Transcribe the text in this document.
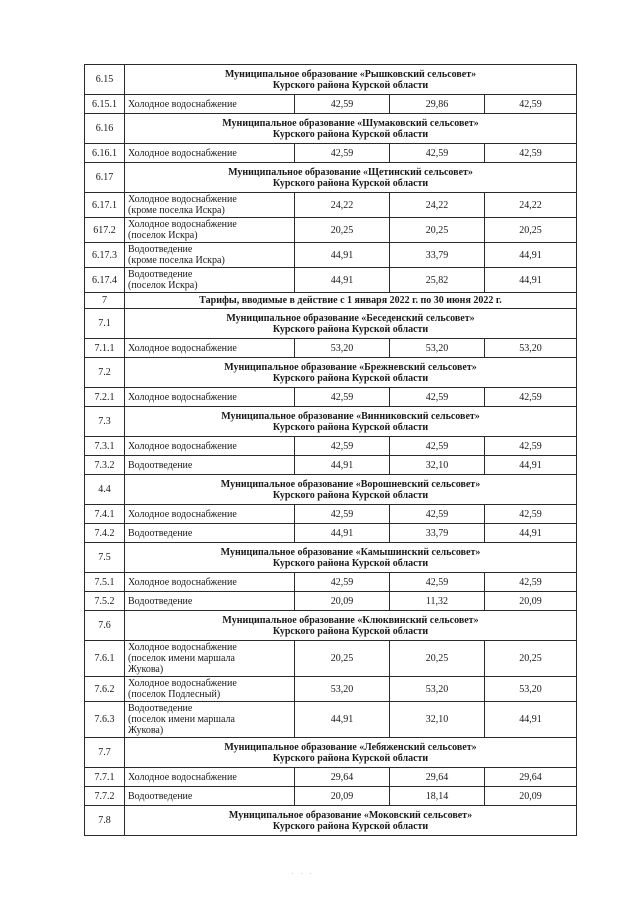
6.15	Муниципальное образование «Рышковский сельсовет»
Курского района Курской области			

6.15.1	Холодное водоснабжение	42,59	29,86	42,59
6.16	Муниципальное образование «Шумаковский сельсовет»
Курского района Курской области			

6.16.1	Холодное водоснабжение	42,59	42,59	42,59
6.17	Муниципальное образование «Щетинский сельсовет»
Курского района Курской области			

6.17.1	Холодное водоснабжение
(кроме поселка Искра)	24,22	24,22	24,22
617.2	Холодное водоснабжение
(поселок Искра)	20,25	20,25	20,25
6.17.3	Водоотведение
(кроме поселка Искра)	44,91	33,79	44,91
6.17.4	Водоотведение
(поселок Искра)	44,91	25,82	44,91
7	Тарифы, вводимые в действие с 1 января 2022 г. по 30 июня 2022 г.			
7.1	Муниципальное образование «Беседенский сельсовет»
Курского района Курской области			

7.1.1	Холодное водоснабжение	53,20	53,20	53,20
7.2	Муниципальное образование «Брежневский сельсовет»
Курского района Курской области			

7.2.1	Холодное водоснабжение	42,59	42,59	42,59
7.3	Муниципальное образование «Винниковский сельсовет»
Курского района Курской области			

7.3.1	Холодное водоснабжение	42,59	42,59	42,59
7.3.2	Водоотведение	44,91	32,10	44,91
4.4	Муниципальное образование «Ворошневский сельсовет»
Курского района Курской области			

7.4.1	Холодное водоснабжение	42,59	42,59	42,59
7.4.2	Водоотведение	44,91	33,79	44,91
7.5	Муниципальное образование «Камышинский сельсовет»
Курского района Курской области			

7.5.1	Холодное водоснабжение	42,59	42,59	42,59
7.5.2	Водоотведение	20,09	11,32	20,09
7.6	Муниципальное образование «Клюквинский сельсовет»
Курского района Курской области			

7.6.1	Холодное водоснабжение
(поселок имени маршала
Жукова)	20,25	20,25	20,25
7.6.2	Холодное водоснабжение
(поселок Подлесный)	53,20	53,20	53,20
7.6.3	Водоотведение
(поселок имени маршала
Жукова)	44,91	32,10	44,91
7.7	Муниципальное образование «Лебяженский сельсовет»
Курского района Курской области			

7.7.1	Холодное водоснабжение	29,64	29,64	29,64
7.7.2	Водоотведение	20,09	18,14	20,09
7.8	Муниципальное образование «Моковский сельсовет»
Курского района Курской области			
. . .
